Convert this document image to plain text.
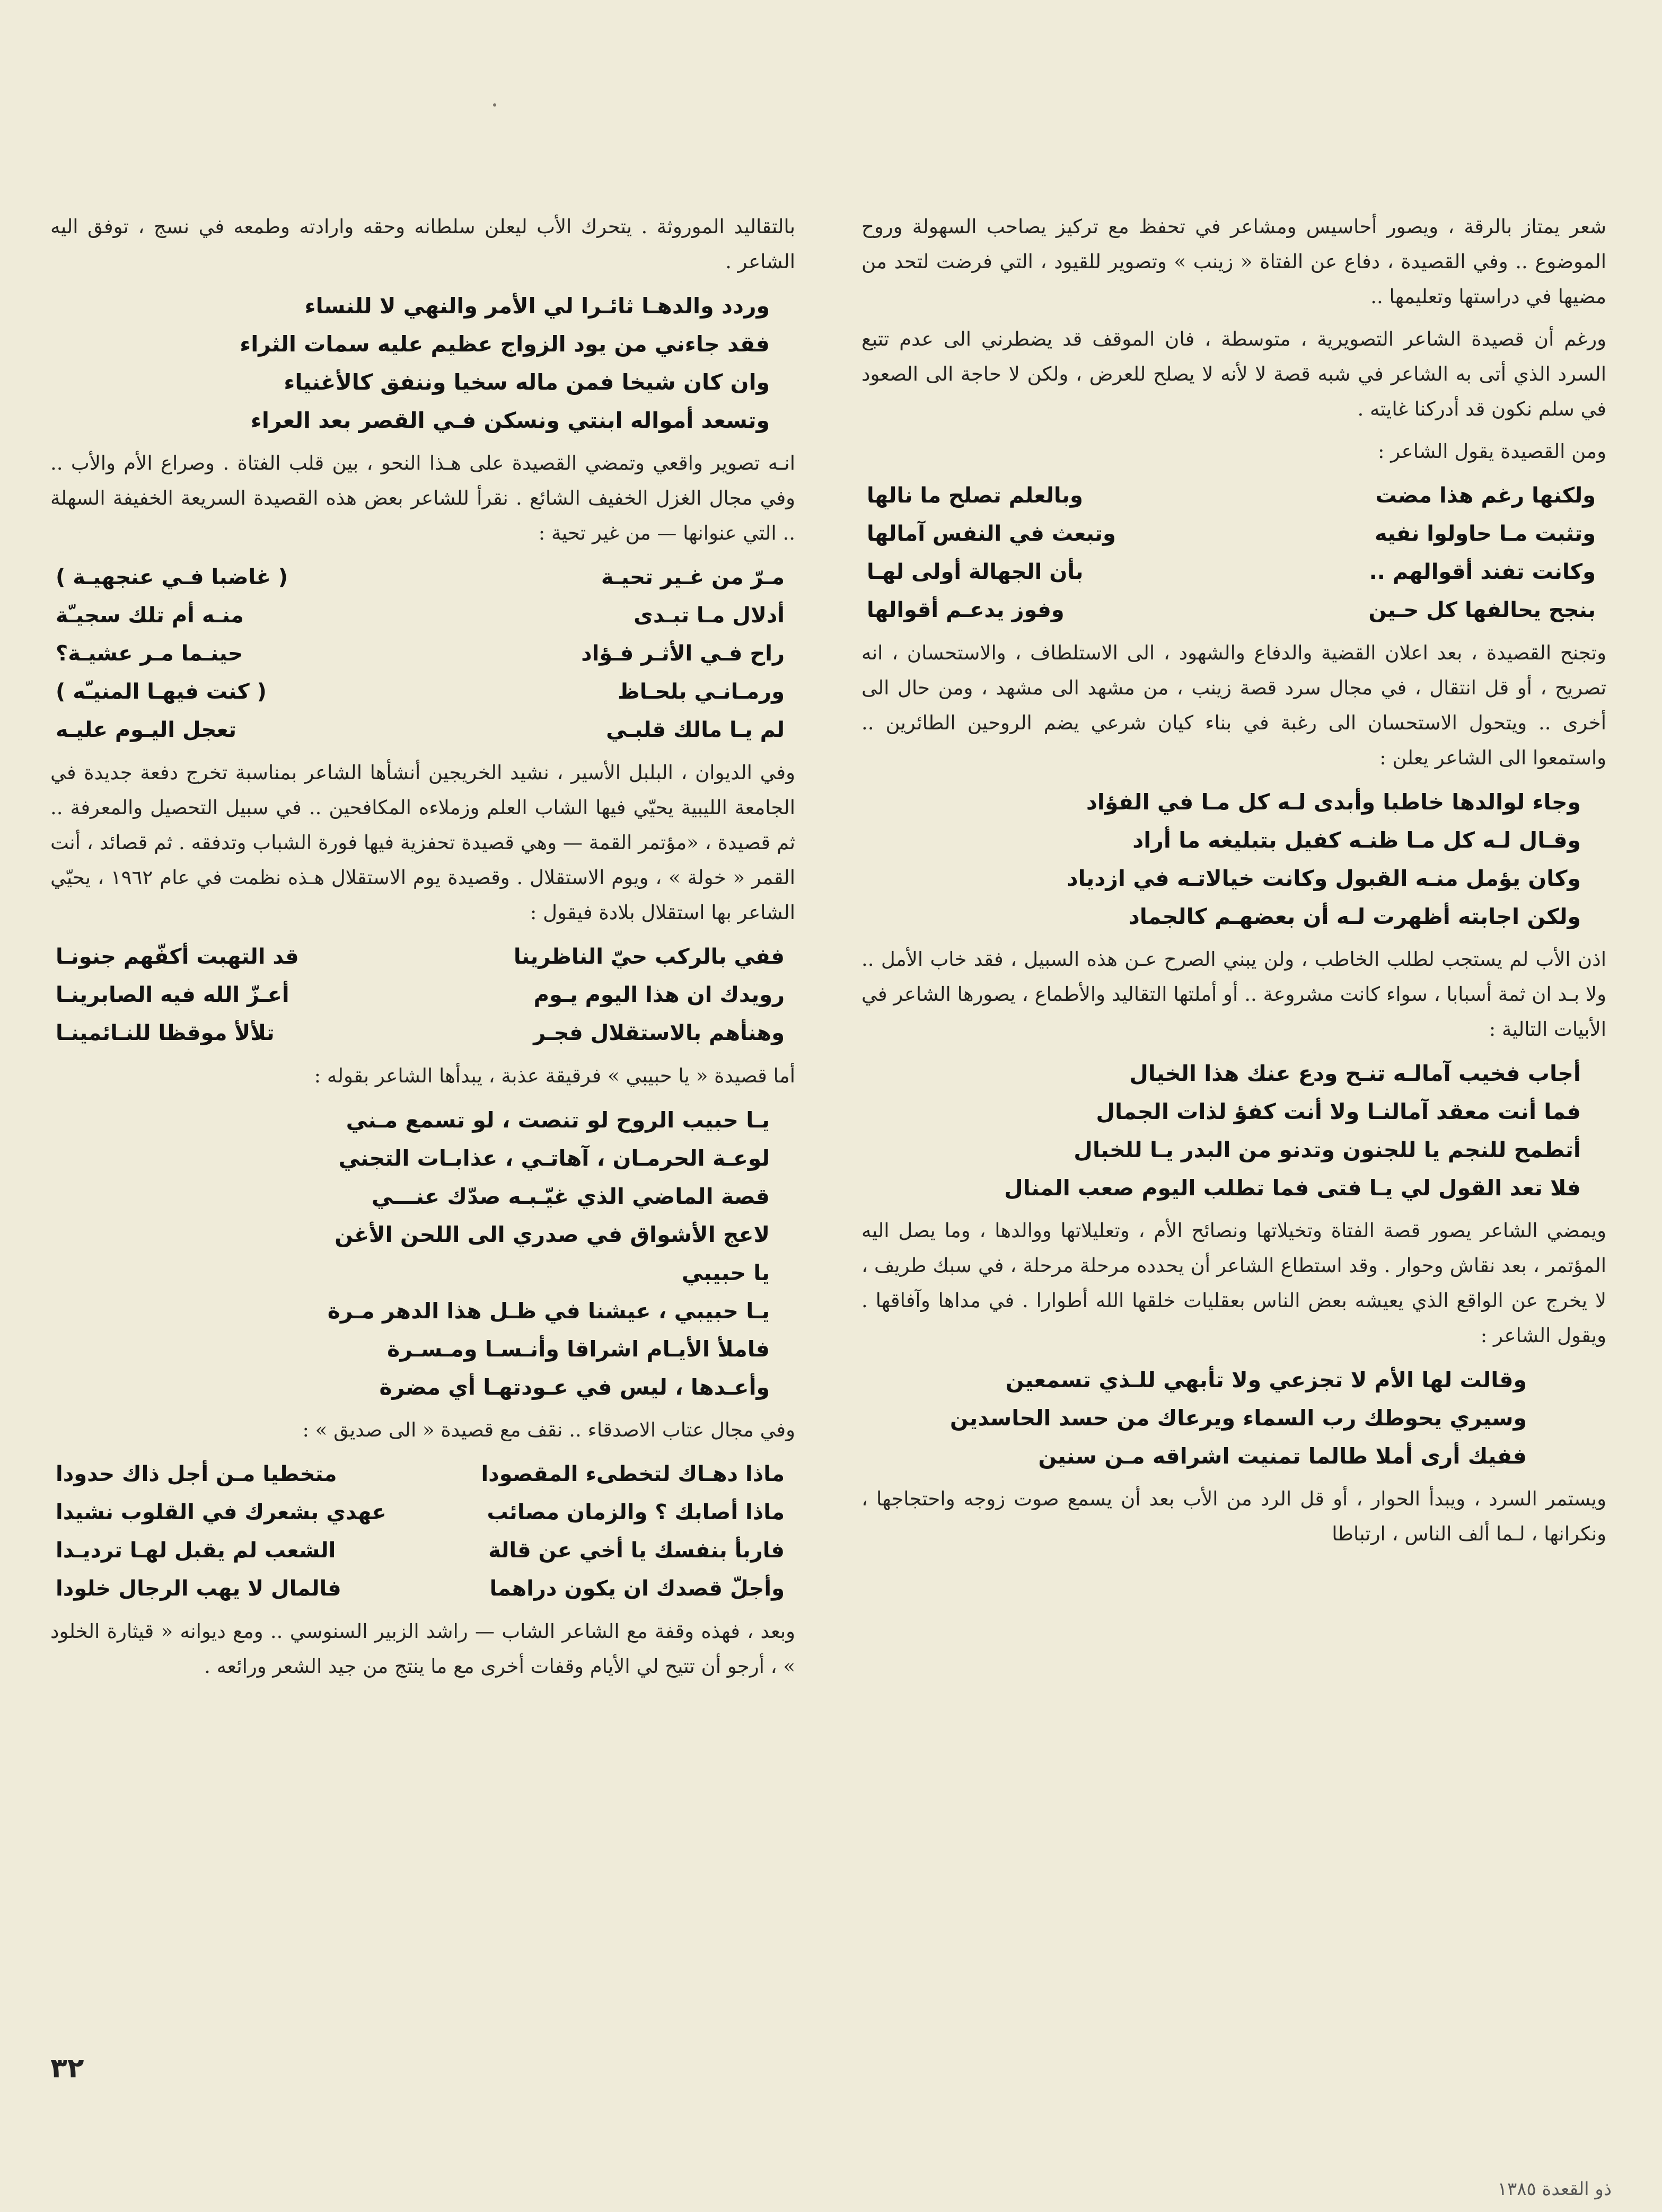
شعر يمتاز بالرقة ، ويصور أحاسيس ومشاعر في تحفظ مع تركيز يصاحب السهولة وروح الموضوع .. وفي القصيدة ، دفاع عن الفتاة « زينب » وتصوير للقيود ، التي فرضت لتحد من مضيها في دراستها وتعليمها ..

ورغم أن قصيدة الشاعر التصويرية ، متوسطة ، فان الموقف قد يضطرني الى عدم تتبع السرد الذي أتى به الشاعر في شبه قصة لا لأنه لا يصلح للعرض ، ولكن لا حاجة الى الصعود في سلم نكون قد أدركنا غايته .

ومن القصيدة يقول الشاعر :

ولكنها رغم هذا مضت
وبالعلم تصلح ما نالها
وتثبت مـا حاولوا نفيه
وتبعث في النفس آمالها
وكانت تفند أقوالهم ..
بأن الجهالة أولى لهـا
بنجح يحالفها كل حـين
وفوز يدعـم أقوالها

وتجنح القصيدة ، بعد اعلان القضية والدفاع والشهود ، الى الاستلطاف ، والاستحسان ، انه تصريح ، أو قل انتقال ، في مجال سرد قصة زينب ، من مشهد الى مشهد ، ومن حال الى أخرى .. ويتحول الاستحسان الى رغبة في بناء كيان شرعي يضم الروحين الطائرين .. واستمعوا الى الشاعر يعلن :

وجاء لوالدها خاطبا وأبدى لـه كل مـا في الفؤاد
وقـال لـه كل مـا ظنـه كفيل بتبليغه ما أراد
وكان يؤمل منـه القبول وكانت خيالاتـه في ازدياد
ولكن اجابته أظهرت لـه أن بعضهـم كالجماد

اذن الأب لم يستجب لطلب الخاطب ، ولن يبني الصرح عـن هذه السبيل ، فقد خاب الأمل .. ولا بـد ان ثمة أسبابا ، سواء كانت مشروعة .. أو أملتها التقاليد والأطماع ، يصورها الشاعر في الأبيات التالية :

أجاب فخيب آمالـه تنـح ودع عنك هذا الخيال
فما أنت معقد آمالنـا ولا أنت كفؤ لذات الجمال
أتطمح للنجم يا للجنون وتدنو من البدر يـا للخبال
فلا تعد القول لي يـا فتى فما تطلب اليوم صعب المنال

ويمضي الشاعر يصور قصة الفتاة وتخيلاتها ونصائح الأم ، وتعليلاتها ووالدها ، وما يصل اليه المؤتمر ، بعد نقاش وحوار . وقد استطاع الشاعر أن يحدده مرحلة مرحلة ، في سبك طريف ، لا يخرج عن الواقع الذي يعيشه بعض الناس بعقليات خلقها الله أطوارا . في مداها وآفاقها . ويقول الشاعر :

وقالت لها الأم لا تجزعي ولا تأبهي للـذي تسمعين
وسيري يحوطك رب السماء ويرعاك من حسد الحاسدين
ففيك أرى أملا طالما تمنيت اشراقه مـن سنين

ويستمر السرد ، ويبدأ الحوار ، أو قل الرد من الأب بعد أن يسمع صوت زوجه واحتجاجها ، ونكرانها ، لـما ألف الناس ، ارتباطا

بالتقاليد الموروثة . يتحرك الأب ليعلن سلطانه وحقه وارادته وطمعه في نسج ، توفق اليه الشاعر .

وردد والدهـا ثائـرا لي الأمر والنهي لا للنساء
فقد جاءني من يود الزواج عظيم عليه سمات الثراء
وان كان شيخا فمن ماله سخيا وننفق كالأغنياء
وتسعد أمواله ابنتي ونسكن فـي القصر بعد العراء

انـه تصوير واقعي وتمضي القصيدة على هـذا النحو ، بين قلب الفتاة . وصراع الأم والأب .. وفي مجال الغزل الخفيف الشائع . نقرأ للشاعر بعض هذه القصيدة السريعة الخفيفة السهلة .. التي عنوانها — من غير تحية :

مـرّ من غـير تحيـة
( غاضبا فـي عنجهيـة )
أدلال مـا تبـدى
منـه أم تلك سجيـّة
راح فـي الأثـر فـؤاد
حينـما مـر عشيـة؟
ورمـانـي بلحـاظ
( كنت فيهـا المنيـّه )
لم يـا مالك قلبـي
تعجل اليـوم عليـه

وفي الديوان ، البلبل الأسير ، نشيد الخريجين أنشأها الشاعر بمناسبة تخرج دفعة جديدة في الجامعة الليبية يحيّي فيها الشاب العلم وزملاءه المكافحين .. في سبيل التحصيل والمعرفة .. ثم قصيدة ، «مؤتمر القمة — وهي قصيدة تحفزية فيها فورة الشباب وتدفقه . ثم قصائد ، أنت القمر « خولة » ، ويوم الاستقلال . وقصيدة يوم الاستقلال هـذه نظمت في عام ١٩٦٢ ، يحيّي الشاعر بها استقلال بلادة فيقول :

ففي بالركب حيّ الناظرينا
قد التهبت أكفّهم جنونـا
رويدك ان هذا اليوم يـوم
أعـزّ الله فيه الصابرينـا
وهنأهم بالاستقلال فجـر
تلألأ موقظا للنـائمينـا

أما قصيدة « يا حبيبي » فرقيقة عذبة ، يبدأها الشاعر بقوله :

يـا حبيب الروح لو تنصت ، لو تسمع مـني
لوعـة الحرمـان ، آهاتـي ، عذابـات التجني
قصة الماضي الذي غيّـبـه صدّك عنـــي
لاعج الأشواق في صدري الى اللحن الأغن
يا حبيبي
يـا حبيبي ، عيشنا في ظـل هذا الدهر مـرة
فاملأ الأيـام اشراقا وأنـسـا ومـسـرة
وأعـدها ، ليس في عـودتهـا أي مضرة

وفي مجال عتاب الاصدقاء .. نقف مع قصيدة « الى صديق » :

ماذا دهـاك لتخطىء المقصودا
متخطيا مـن أجل ذاك حدودا
ماذا أصابك ؟ والزمان مصائب
عهدي بشعرك في القلوب نشيدا
فاربأ بنفسك يا أخي عن قالة
الشعب لم يقبل لهـا ترديـدا
وأجلّ قصدك ان يكون دراهما
فالمال لا يهب الرجال خلودا

وبعد ، فهذه وقفة مع الشاعر الشاب — راشد الزبير السنوسي .. ومع ديوانه « قيثارة الخلود » ، أرجو أن تتيح لي الأيام وقفات أخرى مع ما ينتج من جيد الشعر ورائعه .

٣٢
ذو القعدة ١٣٨٥
